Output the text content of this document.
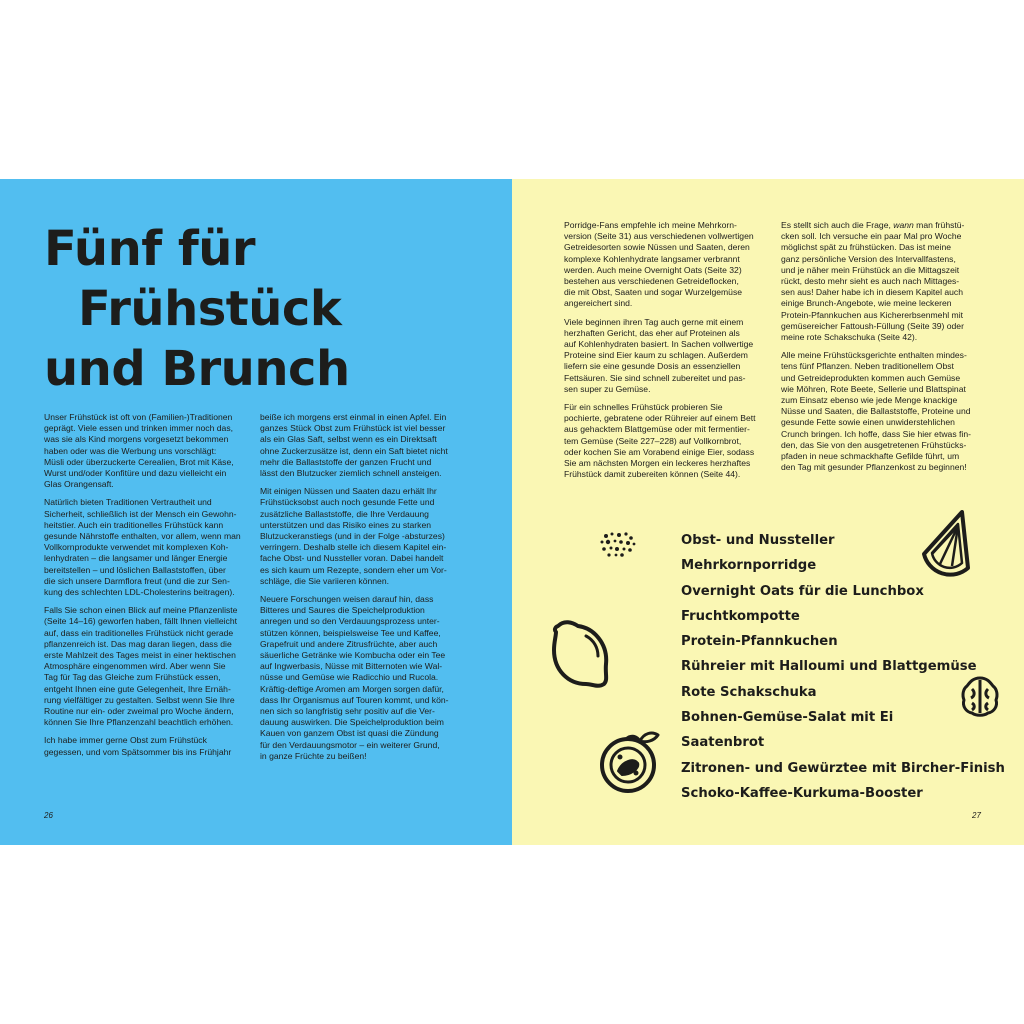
Fünf für
Frühstück
und Brunch

Unser Frühstück ist oft von (Familien-)Traditionen
geprägt. Viele essen und trinken immer noch das,
was sie als Kind morgens vorgesetzt bekommen
haben oder was die Werbung uns vorschlägt:
Müsli oder überzuckerte Cerealien, Brot mit Käse,
Wurst und/oder Konfitüre und dazu vielleicht ein
Glas Orangensaft.

Natürlich bieten Traditionen Vertrautheit und
Sicherheit, schließlich ist der Mensch ein Gewohn-
heitstier. Auch ein traditionelles Frühstück kann
gesunde Nährstoffe enthalten, vor allem, wenn man
Vollkornprodukte verwendet mit komplexen Koh-
lenhydraten – die langsamer und länger Energie
bereitstellen – und löslichen Ballaststoffen, über
die sich unsere Darmflora freut (und die zur Sen-
kung des schlechten LDL-Cholesterins beitragen).

Falls Sie schon einen Blick auf meine Pflanzenliste
(Seite 14–16) geworfen haben, fällt Ihnen vielleicht
auf, dass ein traditionelles Frühstück nicht gerade
pflanzenreich ist. Das mag daran liegen, dass die
erste Mahlzeit des Tages meist in einer hektischen
Atmosphäre eingenommen wird. Aber wenn Sie
Tag für Tag das Gleiche zum Frühstück essen,
entgeht Ihnen eine gute Gelegenheit, Ihre Ernäh-
rung vielfältiger zu gestalten. Selbst wenn Sie Ihre
Routine nur ein- oder zweimal pro Woche ändern,
können Sie Ihre Pflanzenzahl beachtlich erhöhen.

Ich habe immer gerne Obst zum Frühstück
gegessen, und vom Spätsommer bis ins Frühjahr

beiße ich morgens erst einmal in einen Apfel. Ein
ganzes Stück Obst zum Frühstück ist viel besser
als ein Glas Saft, selbst wenn es ein Direktsaft
ohne Zuckerzusätze ist, denn ein Saft bietet nicht
mehr die Ballaststoffe der ganzen Frucht und
lässt den Blutzucker ziemlich schnell ansteigen.

Mit einigen Nüssen und Saaten dazu erhält Ihr
Frühstücksobst auch noch gesunde Fette und
zusätzliche Ballaststoffe, die Ihre Verdauung
unterstützen und das Risiko eines zu starken
Blutzuckeranstiegs (und in der Folge -absturzes)
verringern. Deshalb stelle ich diesem Kapitel ein-
fache Obst- und Nussteller voran. Dabei handelt
es sich kaum um Rezepte, sondern eher um Vor-
schläge, die Sie variieren können.

Neuere Forschungen weisen darauf hin, dass
Bitteres und Saures die Speichelproduktion
anregen und so den Verdauungsprozess unter-
stützen können, beispielsweise Tee und Kaffee,
Grapefruit und andere Zitrusfrüchte, aber auch
säuerliche Getränke wie Kombucha oder ein Tee
auf Ingwerbasis, Nüsse mit Bitternoten wie Wal-
nüsse und Gemüse wie Radicchio und Rucola.
Kräftig-deftige Aromen am Morgen sorgen dafür,
dass Ihr Organismus auf Touren kommt, und kön-
nen sich so langfristig sehr positiv auf die Ver-
dauung auswirken. Die Speichelproduktion beim
Kauen von ganzem Obst ist quasi die Zündung
für den Verdauungsmotor – ein weiterer Grund,
in ganze Früchte zu beißen!

26

Porridge-Fans empfehle ich meine Mehrkorn-
version (Seite 31) aus verschiedenen vollwertigen
Getreidesorten sowie Nüssen und Saaten, deren
komplexe Kohlenhydrate langsamer verbrannt
werden. Auch meine Overnight Oats (Seite 32)
bestehen aus verschiedenen Getreideflocken,
die mit Obst, Saaten und sogar Wurzelgemüse
angereichert sind.

Viele beginnen ihren Tag auch gerne mit einem
herzhaften Gericht, das eher auf Proteinen als
auf Kohlenhydraten basiert. In Sachen vollwertige
Proteine sind Eier kaum zu schlagen. Außerdem
liefern sie eine gesunde Dosis an essenziellen
Fettsäuren. Sie sind schnell zubereitet und pas-
sen super zu Gemüse.

Für ein schnelles Frühstück probieren Sie
pochierte, gebratene oder Rühreier auf einem Bett
aus gehacktem Blattgemüse oder mit fermentier-
tem Gemüse (Seite 227–228) auf Vollkornbrot,
oder kochen Sie am Vorabend einige Eier, sodass
Sie am nächsten Morgen ein leckeres herzhaftes
Frühstück damit zubereiten können (Seite 44).

Es stellt sich auch die Frage, wann man frühstü-
cken soll. Ich versuche ein paar Mal pro Woche
möglichst spät zu frühstücken. Das ist meine
ganz persönliche Version des Intervallfastens,
und je näher mein Frühstück an die Mittagszeit
rückt, desto mehr sieht es auch nach Mittages-
sen aus! Daher habe ich in diesem Kapitel auch
einige Brunch-Angebote, wie meine leckeren
Protein-Pfannkuchen aus Kichererbsenmehl mit
gemüsereicher Fattoush-Füllung (Seite 39) oder
meine rote Schakschuka (Seite 42).

Alle meine Frühstücksgerichte enthalten mindes-
tens fünf Pflanzen. Neben traditionellem Obst
und Getreideprodukten kommen auch Gemüse
wie Möhren, Rote Beete, Sellerie und Blattspinat
zum Einsatz ebenso wie jede Menge knackige
Nüsse und Saaten, die Ballaststoffe, Proteine und
gesunde Fette sowie einen unwiderstehlichen
Crunch bringen. Ich hoffe, dass Sie hier etwas fin-
den, das Sie von den ausgetretenen Frühstücks-
pfaden in neue schmackhafte Gefilde führt, um
den Tag mit gesunder Pflanzenkost zu beginnen!

Obst- und Nussteller
Mehrkornporridge
Overnight Oats für die Lunchbox
Fruchtkompotte
Protein-Pfannkuchen
Rühreier mit Halloumi und Blattgemüse
Rote Schakschuka
Bohnen-Gemüse-Salat mit Ei
Saatenbrot
Zitronen- und Gewürztee mit Bircher-Finish
Schoko-Kaffee-Kurkuma-Booster
27
